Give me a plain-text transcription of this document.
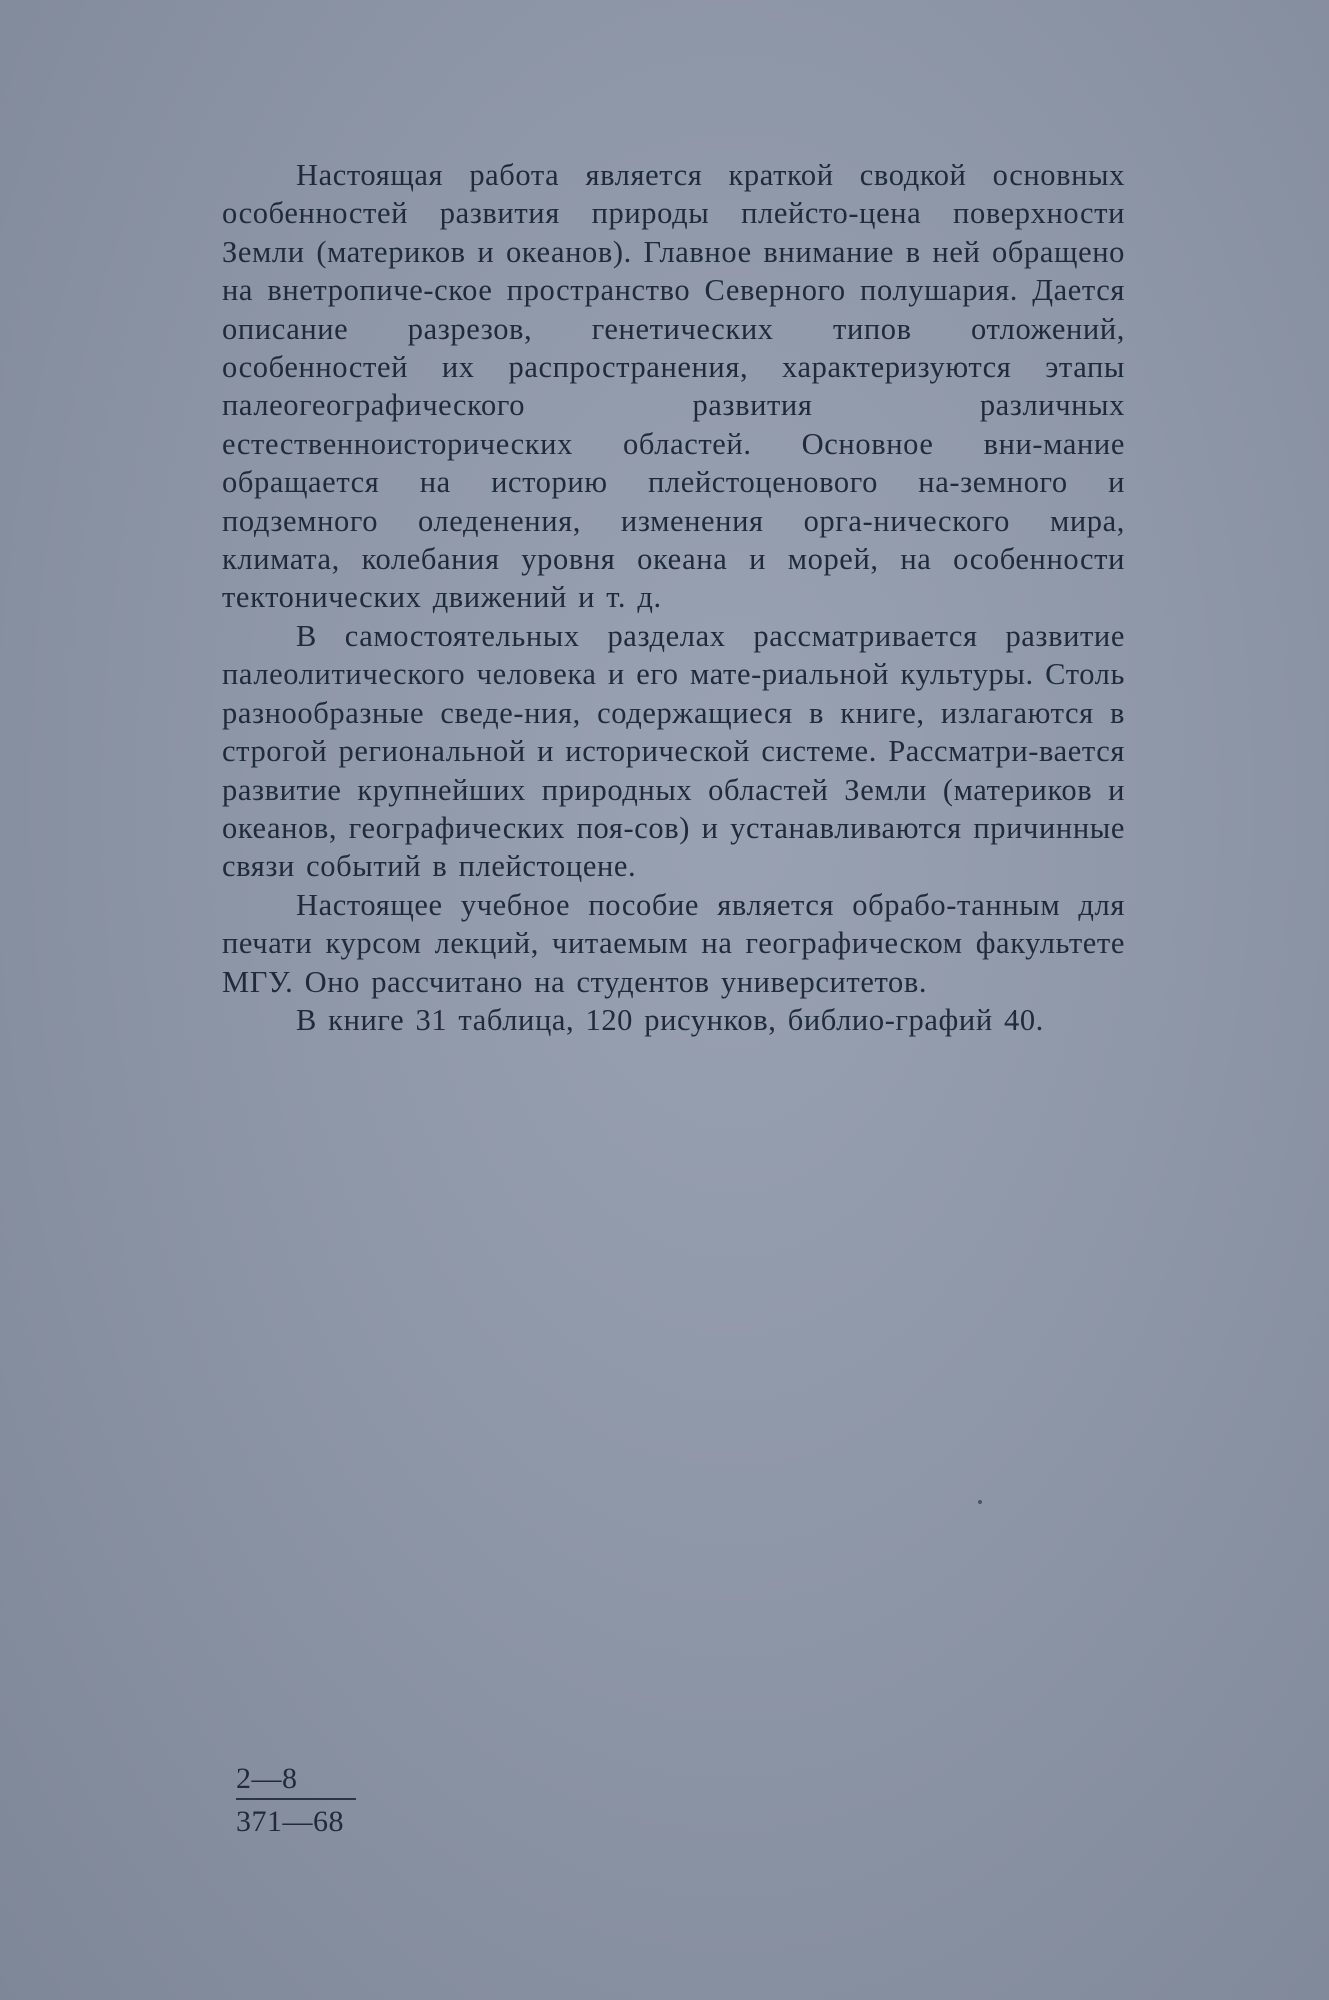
Настоящая работа является краткой сводкой основных особенностей развития природы плейсто-цена поверхности Земли (материков и океанов). Главное внимание в ней обращено на внетропиче-ское пространство Северного полушария. Дается описание разрезов, генетических типов отложений, особенностей их распространения, характеризуются этапы палеогеографического развития различных естественноисторических областей. Основное вни-мание обращается на историю плейстоценового на-земного и подземного оледенения, изменения орга-нического мира, климата, колебания уровня океана и морей, на особенности тектонических движений и т. д.

В самостоятельных разделах рассматривается развитие палеолитического человека и его мате-риальной культуры. Столь разнообразные сведе-ния, содержащиеся в книге, излагаются в строгой региональной и исторической системе. Рассматри-вается развитие крупнейших природных областей Земли (материков и океанов, географических поя-сов) и устанавливаются причинные связи событий в плейстоцене.

Настоящее учебное пособие является обрабо-танным для печати курсом лекций, читаемым на географическом факультете МГУ. Оно рассчитано на студентов университетов.

В книге 31 таблица, 120 рисунков, библио-графий 40.

2—8
371—68
